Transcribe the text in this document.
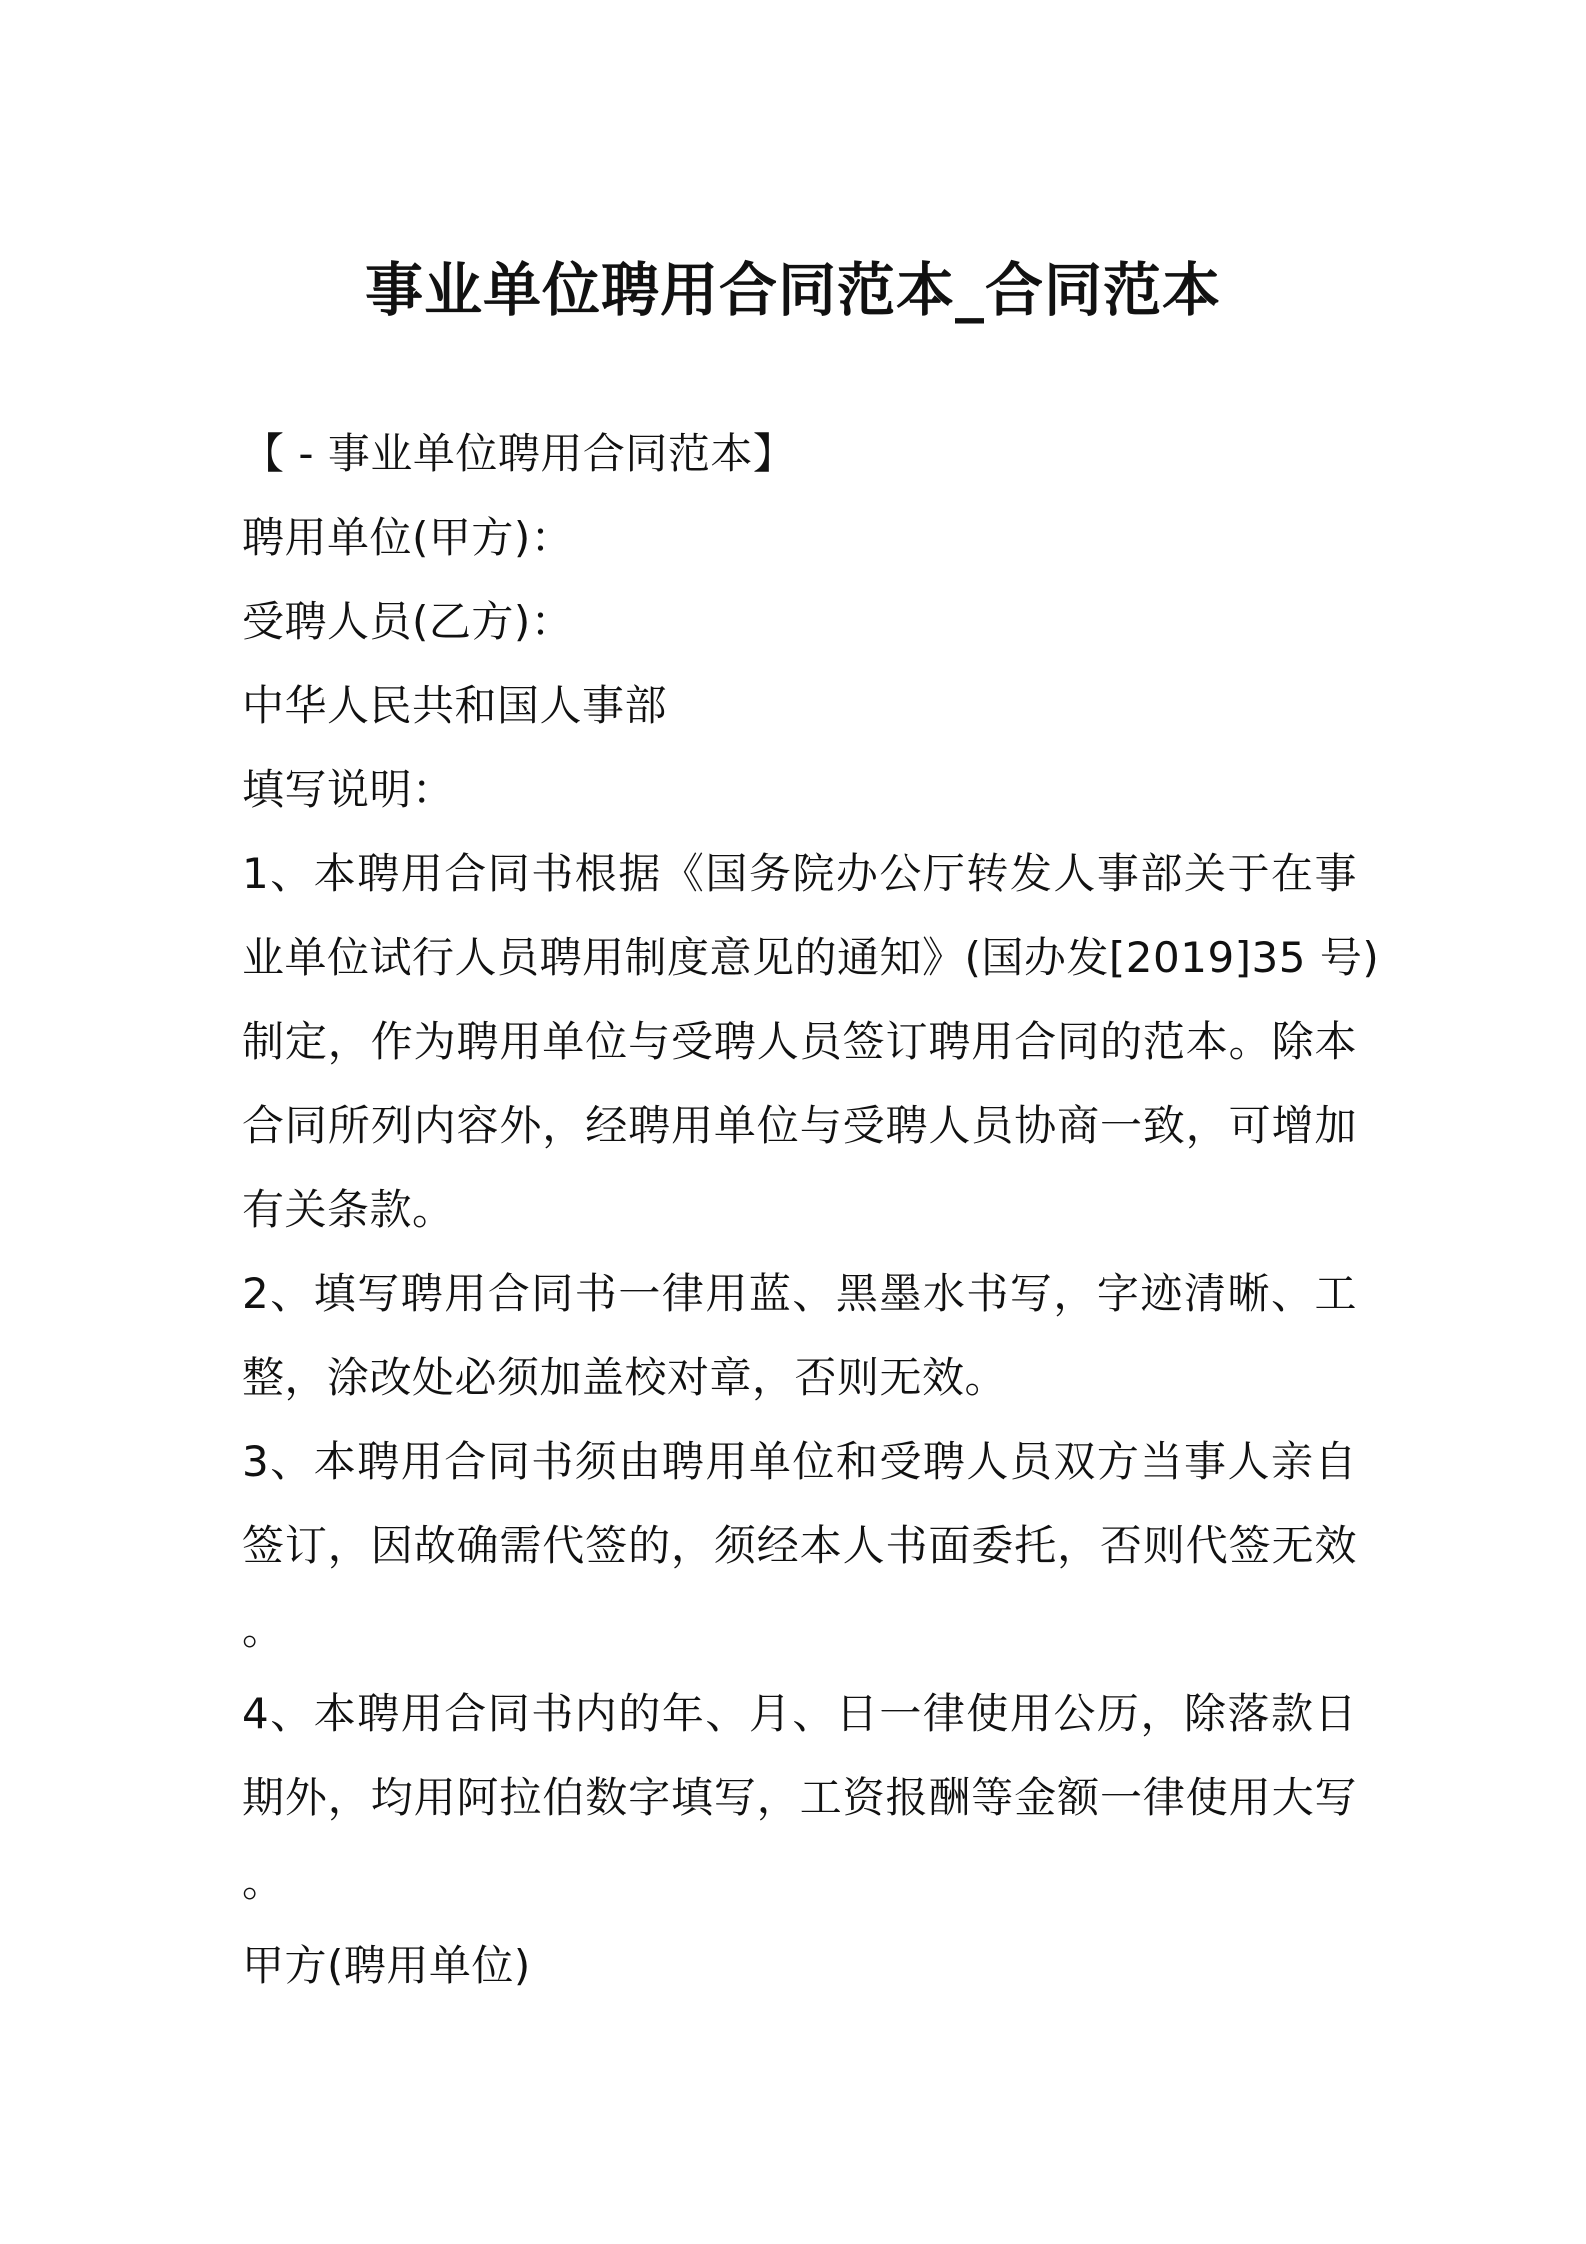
事业单位聘用合同范本_合同范本
【 - 事业单位聘用合同范本】
聘用单位(甲方)：
受聘人员(乙方)：
中华人民共和国人事部
填写说明：
1、本聘用合同书根据《国务院办公厅转发人事部关于在事
业单位试行人员聘用制度意见的通知》(国办发[2019]35 号)
制定，作为聘用单位与受聘人员签订聘用合同的范本。除本
合同所列内容外，经聘用单位与受聘人员协商一致，可增加
有关条款。
2、填写聘用合同书一律用蓝、黑墨水书写，字迹清晰、工
整，涂改处必须加盖校对章，否则无效。
3、本聘用合同书须由聘用单位和受聘人员双方当事人亲自
签订，因故确需代签的，须经本人书面委托，否则代签无效
。
4、本聘用合同书内的年、月、日一律使用公历，除落款日
期外，均用阿拉伯数字填写，工资报酬等金额一律使用大写
。
甲方(聘用单位)
